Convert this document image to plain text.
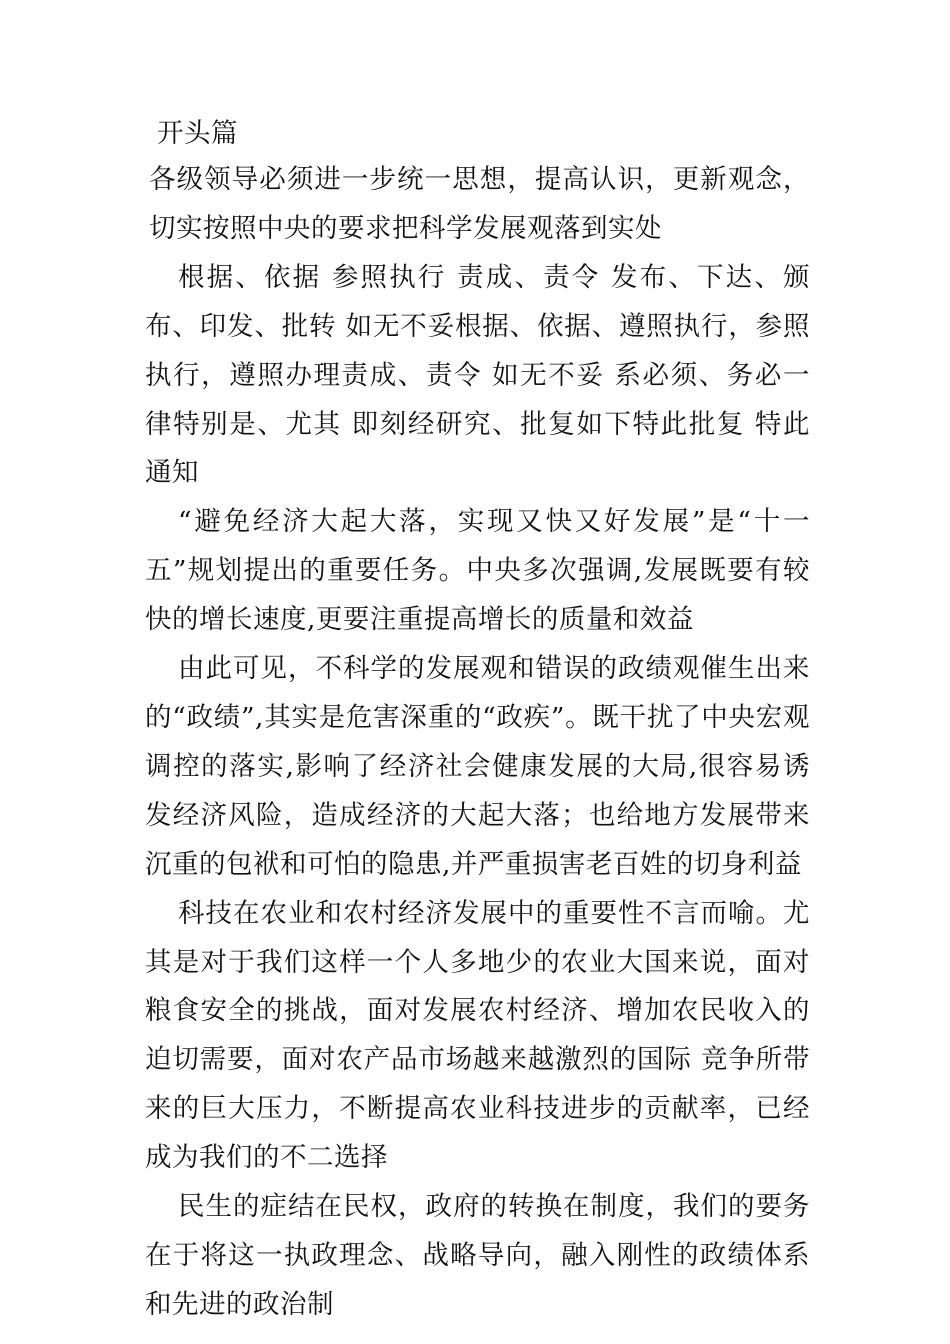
开头篇

各级领导必须进一步统一思想，提高认识，更新观念，切实按照中央的要求把科学发展观落到实处

根据、依据 参照执行 责成、责令 发布、下达、颁布、印发、批转 如无不妥根据、依据、遵照执行，参照执行，遵照办理责成、责令 如无不妥 系必须、务必一律特别是、尤其 即刻经研究、批复如下特此批复 特此通知

“避免经济大起大落，实现又快又好发展”是“十一五”规划提出的重要任务。中央多次强调,发展既要有较快的增长速度,更要注重提高增长的质量和效益

由此可见，不科学的发展观和错误的政绩观催生出来的“政绩”,其实是危害深重的“政疾”。既干扰了中央宏观调控的落实,影响了经济社会健康发展的大局,很容易诱发经济风险，造成经济的大起大落；也给地方发展带来沉重的包袱和可怕的隐患,并严重损害老百姓的切身利益

科技在农业和农村经济发展中的重要性不言而喻。尤其是对于我们这样一个人多地少的农业大国来说，面对粮食安全的挑战，面对发展农村经济、增加农民收入的迫切需要，面对农产品市场越来越激烈的国际 竞争所带来的巨大压力，不断提高农业科技进步的贡献率，已经成为我们的不二选择

民生的症结在民权，政府的转换在制度，我们的要务在于将这一执政理念、战略导向，融入刚性的政绩体系和先进的政治制
